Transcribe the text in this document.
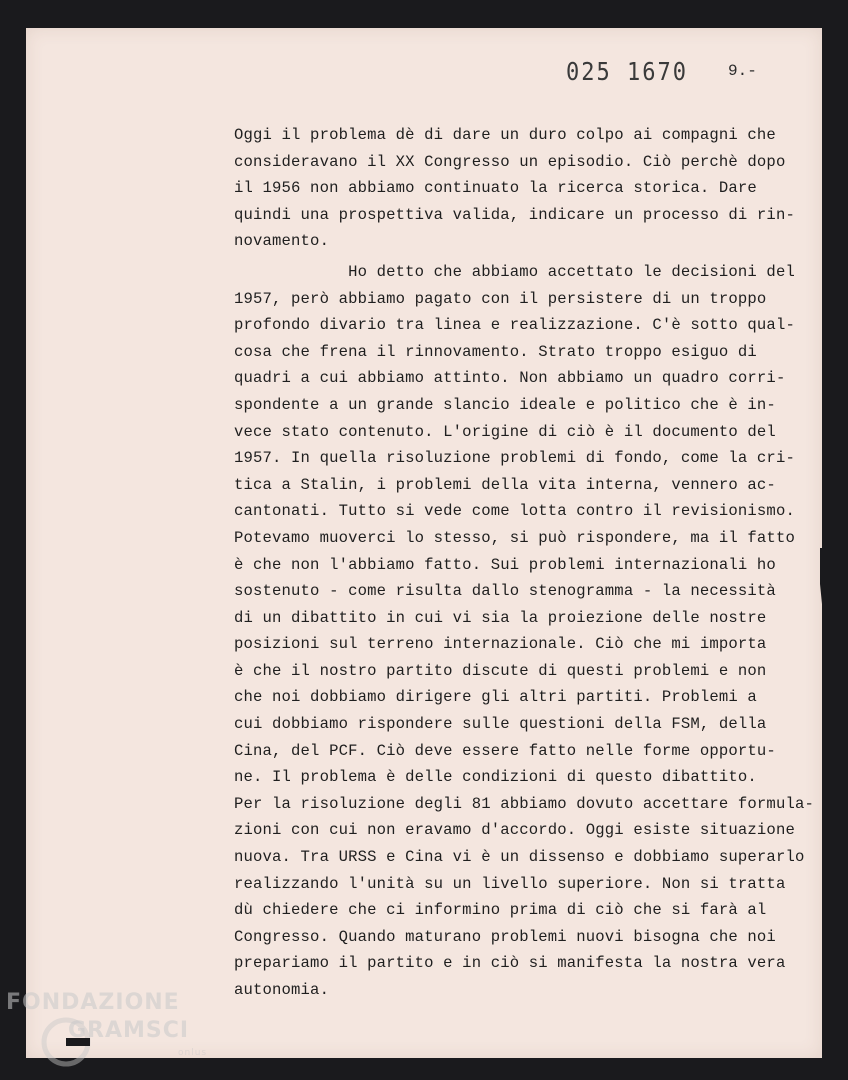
025 1670	9.-
Oggi il problema dè di dare un duro colpo ai compagni che
consideravano il XX Congresso un episodio. Ciò perchè dopo
il 1956 non abbiamo continuato la ricerca storica. Dare
quindi una prospettiva valida, indicare un processo di rin-
novamento.
Ho detto che abbiamo accettato le decisioni del
1957, però abbiamo pagato con il persistere di un troppo
profondo divario tra linea e realizzazione. C'è sotto qual-
cosa che frena il rinnovamento. Strato troppo esiguo di
quadri a cui abbiamo attinto. Non abbiamo un quadro corri-
spondente a un grande slancio ideale e politico che è in-
vece stato contenuto. L'origine di ciò è il documento del
1957. In quella risoluzione problemi di fondo, come la cri-
tica a Stalin, i problemi della vita interna, vennero ac-
cantonati. Tutto si vede come lotta contro il revisionismo.
Potevamo muoverci lo stesso, si può rispondere, ma il fatto
è che non l'abbiamo fatto. Sui problemi internazionali ho
sostenuto - come risulta dallo stenogramma - la necessità
di un dibattito in cui vi sia la proiezione delle nostre
posizioni sul terreno internazionale. Ciò che mi importa
è che il nostro partito discute di questi problemi e non
che noi dobbiamo dirigere gli altri partiti. Problemi a
cui dobbiamo rispondere sulle questioni della FSM, della
Cina, del PCF. Ciò deve essere fatto nelle forme opportu-
ne. Il problema è delle condizioni di questo dibattito.
Per la risoluzione degli 81 abbiamo dovuto accettare formula-
zioni con cui non eravamo d'accordo. Oggi esiste situazione
nuova. Tra URSS e Cina vi è un dissenso e dobbiamo superarlo
realizzando l'unità su un livello superiore. Non si tratta
dù chiedere che ci informino prima di ciò che si farà al
Congresso. Quando maturano problemi nuovi bisogna che noi
prepariamo il partito e in ciò si manifesta la nostra vera
autonomia.
FONDAZIONE
GRAMSCI
onlus
